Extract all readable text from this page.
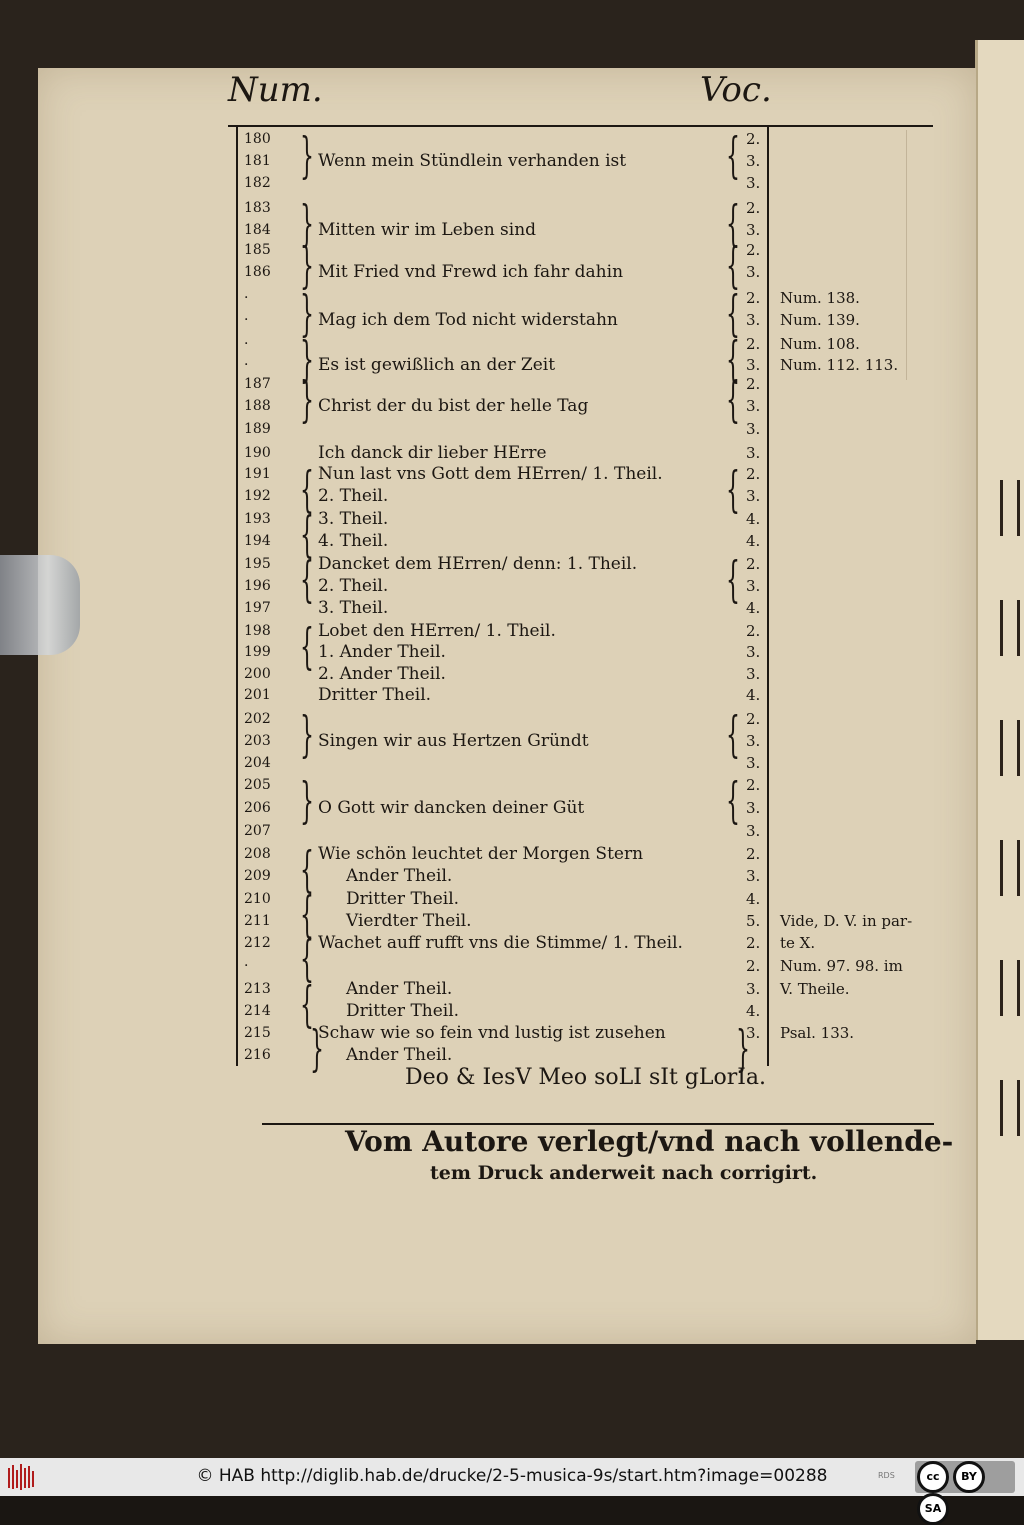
Num.	Voc.
180	2.
181	Wenn mein Stündlein verhanden ist	3.
182	3.
183	2.
184	Mitten wir im Leben sind	3.
185	2.
186	Mit Fried vnd Frewd ich fahr dahin	3.
·	2.	Num. 138.
·	Mag ich dem Tod nicht widerstahn	3.	Num. 139.
·	2.	Num. 108.
·	Es ist gewißlich an der Zeit	3.	Num. 112. 113.
187	2.
188	Christ der du bist der helle Tag	3.
189	3.
190	Ich danck dir lieber HErre	3.
191	Nun last vns Gott dem HErren/ 1. Theil.	2.
192	2. Theil.	3.
193	3. Theil.	4.
194	4. Theil.	4.
195	Dancket dem HErren/ denn: 1. Theil.	2.
196	2. Theil.	3.
197	3. Theil.	4.
198	Lobet den HErren/ 1. Theil.	2.
199	1. Ander Theil.	3.
200	2. Ander Theil.	3.
201	Dritter Theil.	4.
202	2.
203	Singen wir aus Hertzen Gründt	3.
204	3.
205	2.
206	O Gott wir dancken deiner Güt	3.
207	3.
208	Wie schön leuchtet der Morgen Stern	2.
209	Ander Theil.	3.
210	Dritter Theil.	4.
211	Vierdter Theil.	5.	Vide, D. V. in par-
212	Wachet auff rufft vns die Stimme/ 1. Theil.	2.	te X.
·	2.	Num. 97. 98. im
213	Ander Theil.	3.	V. Theile.
214	Dritter Theil.	4.
215	Schaw wie so fein vnd lustig ist zusehen	3.	Psal. 133.
216	Ander Theil.
}
}
}
}
}
}
{
{
{
{
}
}
{
{
{
{
}
{
{
{
{
{
{
{
{
{
{
}
Deo & IesV Meo soLI sIt gLorIa.
Vom Autore verlegt/vnd nach vollende-
tem Druck anderweit nach corrigirt.
© HAB http://diglib.hab.de/drucke/2-5-musica-9s/start.htm?image=00288	RDS	cc BYSA
